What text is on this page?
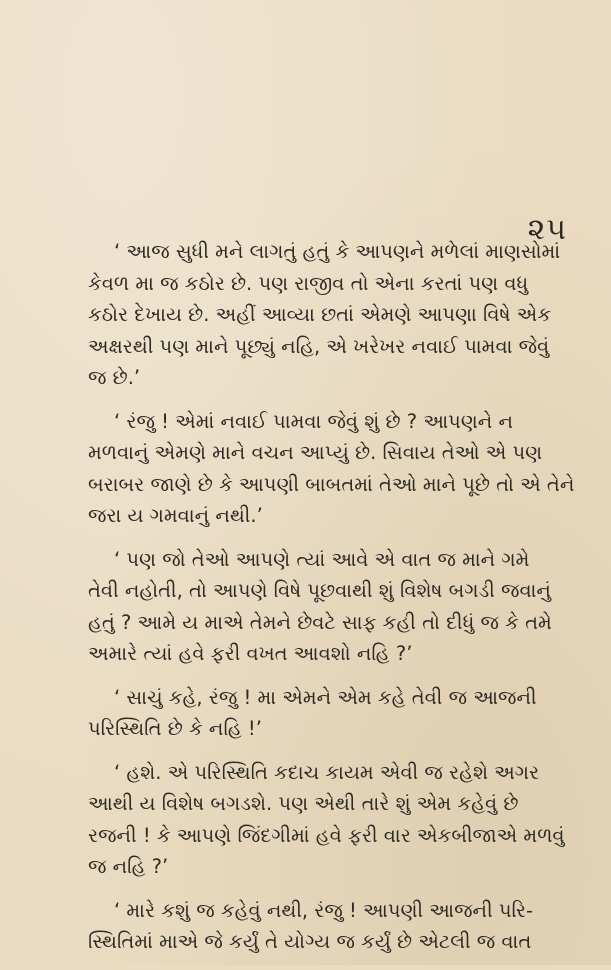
૨૫

‘ આજ સુધી મને લાગતું હતું કે આપણને મળેલાં માણસોમાં
કેવળ મા જ કઠોર છે. પણ રાજીવ તો એના કરતાં પણ વધુ
કઠોર દેખાય છે. અહીં આવ્યા છતાં એમણે આપણા વિષે એક
અક્ષરથી પણ માને પૂછ્યું નહિ, એ ખરેખર નવાઈ પામવા જેવું
જ છે.’

‘ રંજુ ! એમાં નવાઈ પામવા જેવું શું છે ? આપણને ન
મળવાનું એમણે માને વચન આપ્યું છે. સિવાય તેઓ એ પણ
બરાબર જાણે છે કે આપણી બાબતમાં તેઓ માને પૂછે તો એ તેને
જરા ય ગમવાનું નથી.’

‘ પણ જો તેઓ આપણે ત્યાં આવે એ વાત જ માને ગમે
તેવી નહોતી, તો આપણે વિષે પૂછવાથી શું વિશેષ બગડી જવાનું
હતું ? આમે ય માએ તેમને છેવટે સાફ કહી તો દીધું જ કે તમે
અમારે ત્યાં હવે ફરી વખત આવશો નહિ ?’

‘ સાચું કહે, રંજુ ! મા એમને એમ કહે તેવી જ આજની
પરિસ્થિતિ છે કે નહિ !’

‘ હશે. એ પરિસ્થિતિ કદાચ કાયમ એવી જ રહેશે અગર
આથી ય વિશેષ બગડશે. પણ એથી તારે શું એમ કહેવું છે
રજની ! કે આપણે જિંદગીમાં હવે ફરી વાર એકબીજાએ મળવું
જ નહિ ?’

‘ મારે કશું જ કહેવું નથી, રંજુ ! આપણી આજની પરિ-
સ્થિતિમાં માએ જે કર્યું તે યોગ્ય જ કર્યું છે એટલી જ વાત
